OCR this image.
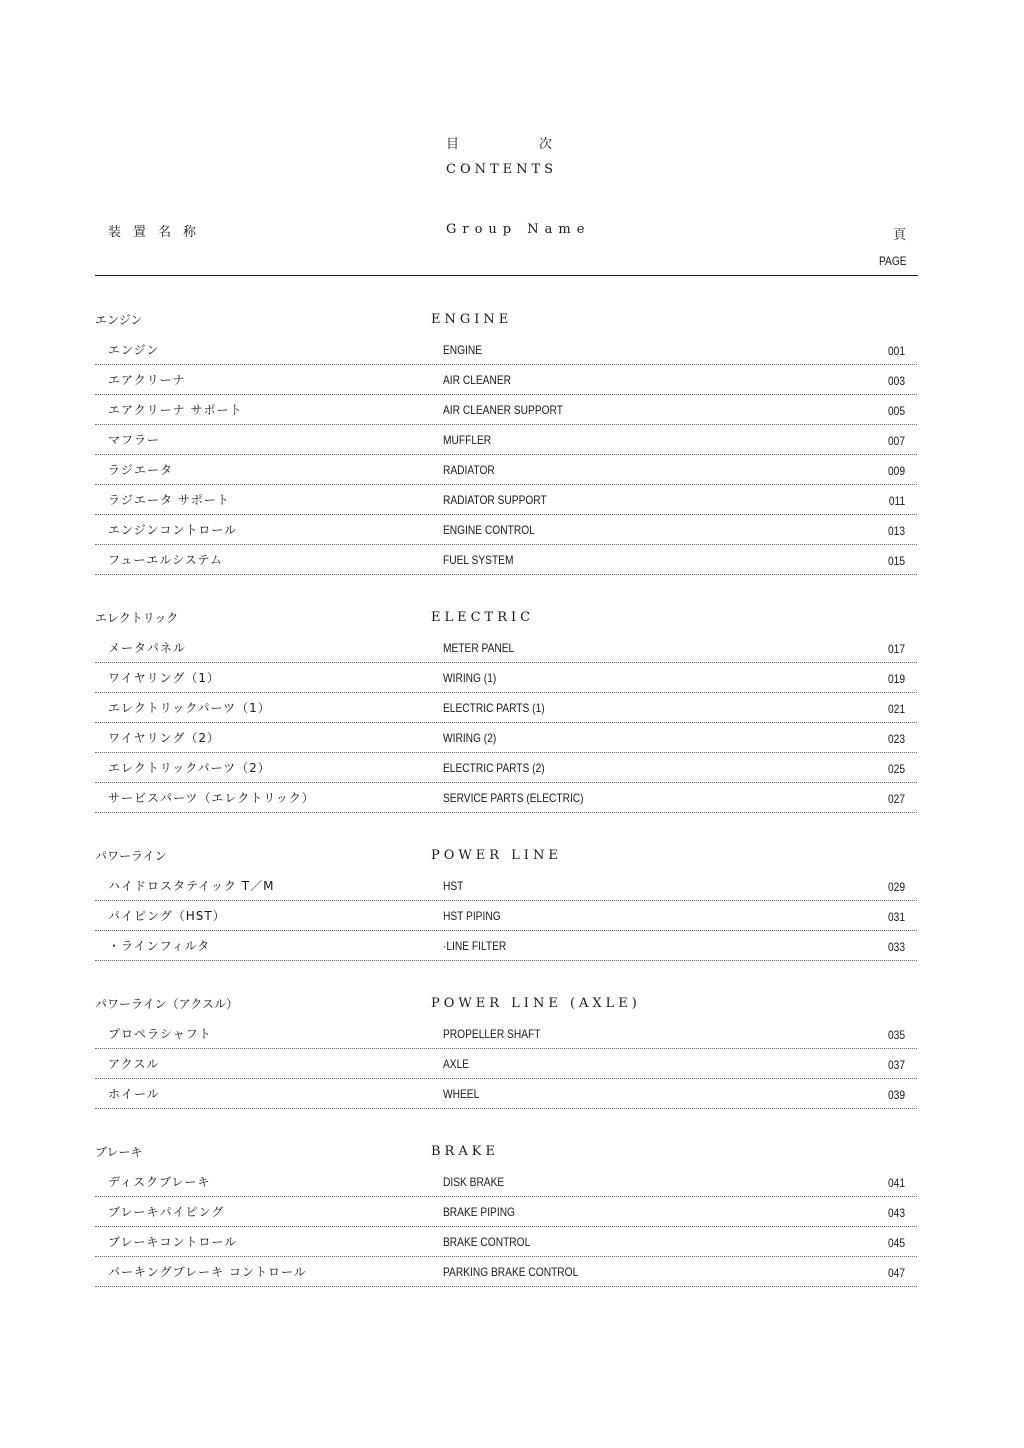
目次
CONTENTS
装置名称	Group Name	頁
PAGE
エンジン	ENGINE
エンジン	ENGINE	001
エアクリーナ	AIR CLEANER	003
エアクリーナ サポート	AIR CLEANER SUPPORT	005
マフラー	MUFFLER	007
ラジエータ	RADIATOR	009
ラジエータ サポート	RADIATOR SUPPORT	011
エンジンコントロール	ENGINE CONTROL	013
フューエルシステム	FUEL SYSTEM	015
エレクトリック	ELECTRIC
メータパネル	METER PANEL	017
ワイヤリング（1）	WIRING (1)	019
エレクトリックパーツ（1）	ELECTRIC PARTS (1)	021
ワイヤリング（2）	WIRING (2)	023
エレクトリックパーツ（2）	ELECTRIC PARTS (2)	025
サービスパーツ（エレクトリック）	SERVICE PARTS (ELECTRIC)	027
パワーライン	POWER LINE
ハイドロスタテイック T／M	HST	029
パイピング（HST）	HST PIPING	031
・ラインフィルタ	·LINE FILTER	033
パワーライン（アクスル）	POWER LINE (AXLE)
プロペラシャフト	PROPELLER SHAFT	035
アクスル	AXLE	037
ホイール	WHEEL	039
ブレーキ	BRAKE
ディスクブレーキ	DISK BRAKE	041
ブレーキパイピング	BRAKE PIPING	043
ブレーキコントロール	BRAKE CONTROL	045
パーキングブレーキ コントロール	PARKING BRAKE CONTROL	047
